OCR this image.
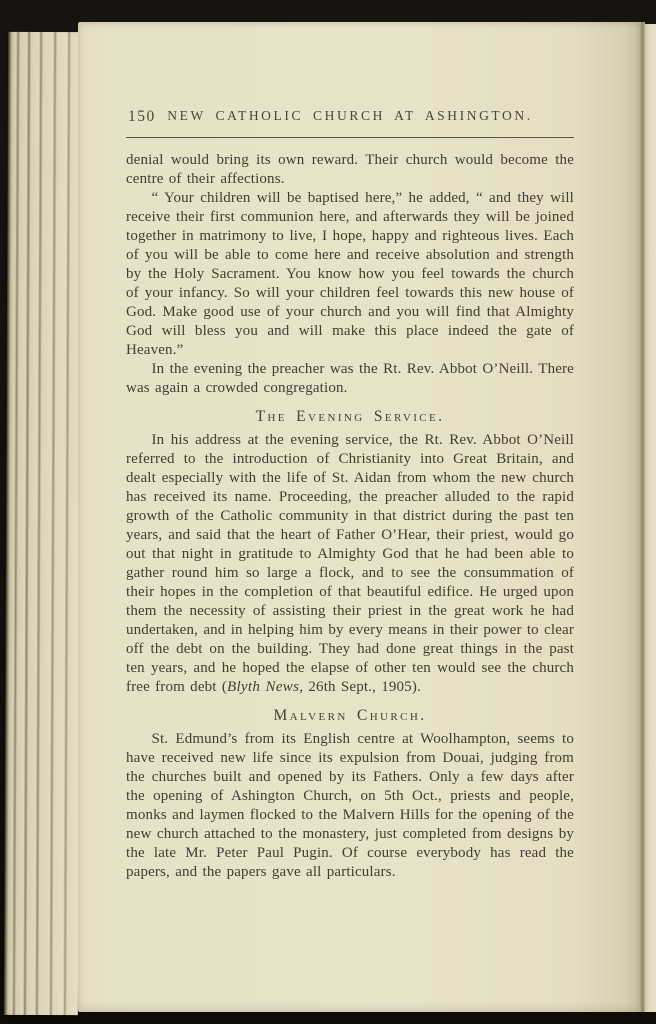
150 NEW CATHOLIC CHURCH AT ASHINGTON.

denial would bring its own reward. Their church would become the centre of their affections.

“ Your children will be baptised here,” he added, “ and they will receive their first communion here, and afterwards they will be joined together in matrimony to live, I hope, happy and righteous lives. Each of you will be able to come here and receive absolution and strength by the Holy Sacrament. You know how you feel towards the church of your infancy. So will your children feel towards this new house of God. Make good use of your church and you will find that Almighty God will bless you and will make this place indeed the gate of Heaven.”

In the evening the preacher was the Rt. Rev. Abbot O’Neill. There was again a crowded congregation.

The Evening Service.

In his address at the evening service, the Rt. Rev. Abbot O’Neill referred to the introduction of Christianity into Great Britain, and dealt especially with the life of St. Aidan from whom the new church has received its name. Proceeding, the preacher alluded to the rapid growth of the Catholic community in that district during the past ten years, and said that the heart of Father O’Hear, their priest, would go out that night in gratitude to Almighty God that he had been able to gather round him so large a flock, and to see the consummation of their hopes in the completion of that beautiful edifice. He urged upon them the necessity of assisting their priest in the great work he had undertaken, and in helping him by every means in their power to clear off the debt on the building. They had done great things in the past ten years, and he hoped the elapse of other ten would see the church free from debt (Blyth News, 26th Sept., 1905).

Malvern Church.

St. Edmund’s from its English centre at Woolhampton, seems to have received new life since its expulsion from Douai, judging from the churches built and opened by its Fathers. Only a few days after the opening of Ashington Church, on 5th Oct., priests and people, monks and laymen flocked to the Malvern Hills for the opening of the new church attached to the monastery, just completed from designs by the late Mr. Peter Paul Pugin. Of course everybody has read the papers, and the papers gave all particulars.
